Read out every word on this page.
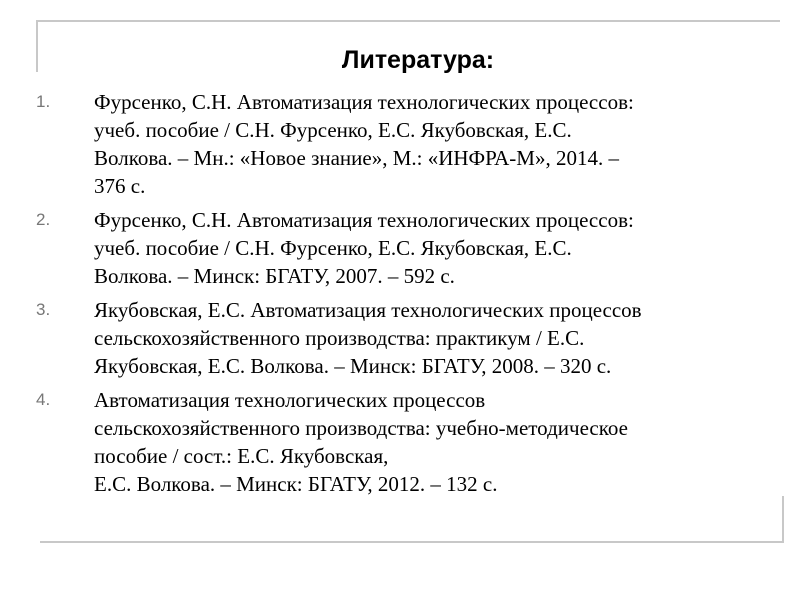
Литература:
1. Фурсенко, С.Н. Автоматизация технологических процессов:
учеб. пособие / С.Н. Фурсенко, Е.С. Якубовская, Е.С.
Волкова. – Мн.: «Новое знание», М.: «ИНФРА-М», 2014. –
376 с.
2. Фурсенко, С.Н. Автоматизация технологических процессов:
учеб. пособие / С.Н. Фурсенко, Е.С. Якубовская, Е.С.
Волкова. – Минск: БГАТУ, 2007. – 592 с.
3. Якубовская, Е.С. Автоматизация технологических процессов
сельскохозяйственного производства: практикум / Е.С.
Якубовская, Е.С. Волкова. – Минск: БГАТУ, 2008. – 320 с.
4. Автоматизация технологических процессов
сельскохозяйственного производства: учебно-методическое
пособие / сост.: Е.С. Якубовская,
Е.С. Волкова. – Минск: БГАТУ, 2012. – 132 с.
